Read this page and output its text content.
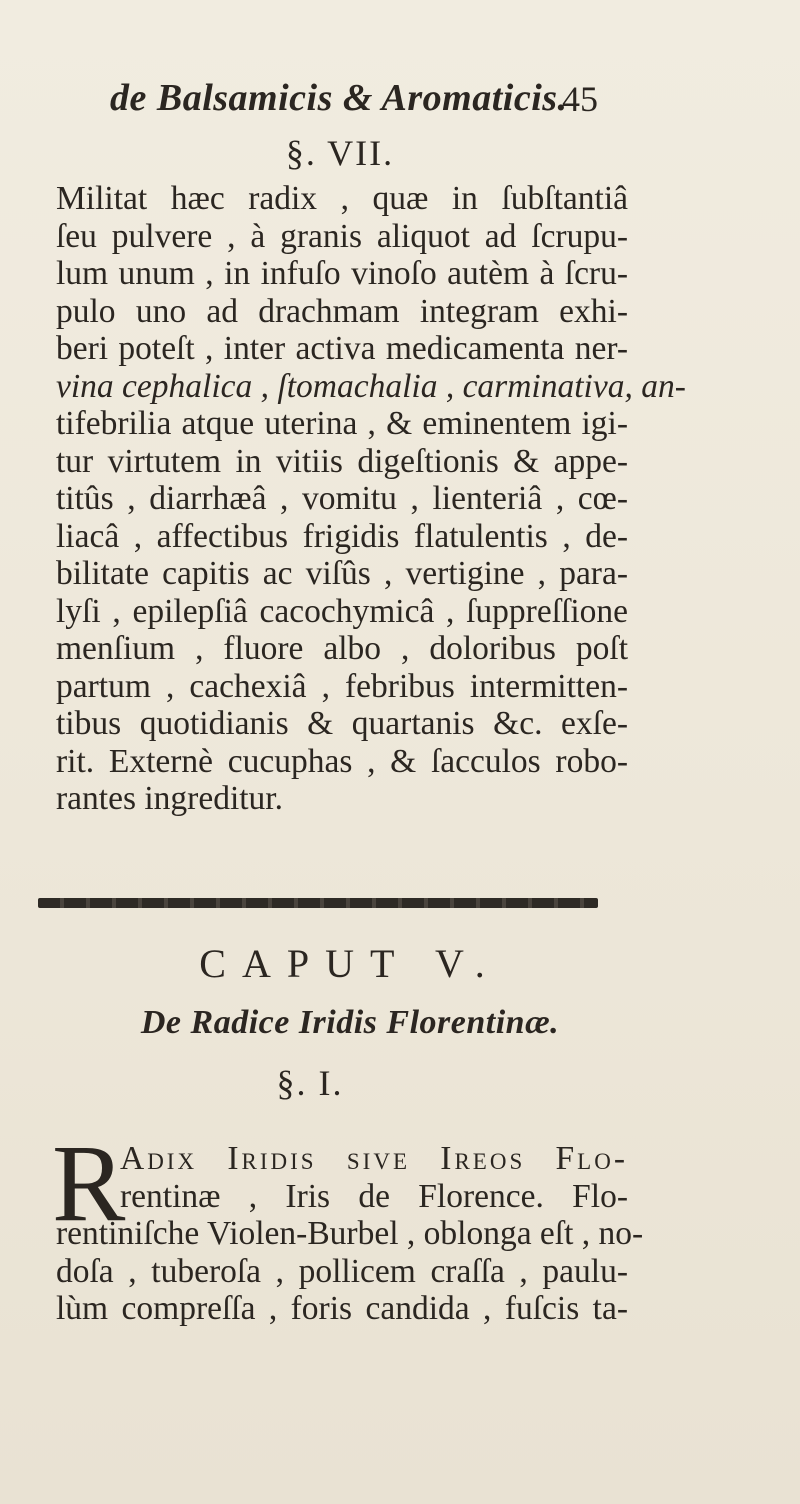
de Balsamicis & Aromaticis.
45
§. VII.
Militat hæc radix , quæ in ſubſtantiâ
ſeu pulvere , à granis aliquot ad ſcrupu-
lum unum , in infuſo vinoſo autèm à ſcru-
pulo uno ad drachmam integram exhi-
beri poteſt , inter activa medicamenta ner-
vina cephalica , ſtomachalia , carminativa, an-
tifebrilia atque uterina , & eminentem igi-
tur virtutem in vitiis digeſtionis & appe-
titûs , diarrhæâ , vomitu , lienteriâ , cœ-
liacâ , affectibus frigidis flatulentis , de-
bilitate capitis ac viſûs , vertigine , para-
lyſi , epilepſiâ cacochymicâ , ſuppreſſione
menſium , fluore albo , doloribus poſt
partum , cachexiâ , febribus intermitten-
tibus quotidianis & quartanis &c. exſe-
rit. Externè cucuphas , & ſacculos robo-
rantes ingreditur.
CAPUT V.
De Radice Iridis Florentinæ.
§. I.
R
Adix Iridis ſive Ireos Flo-
rentinæ , Iris de Florence. Flo-
rentiniſche Violen-Burbel , oblonga eſt , no-
doſa , tuberoſa , pollicem craſſa , paulu-
lùm compreſſa , foris candida , fuſcis ta-
